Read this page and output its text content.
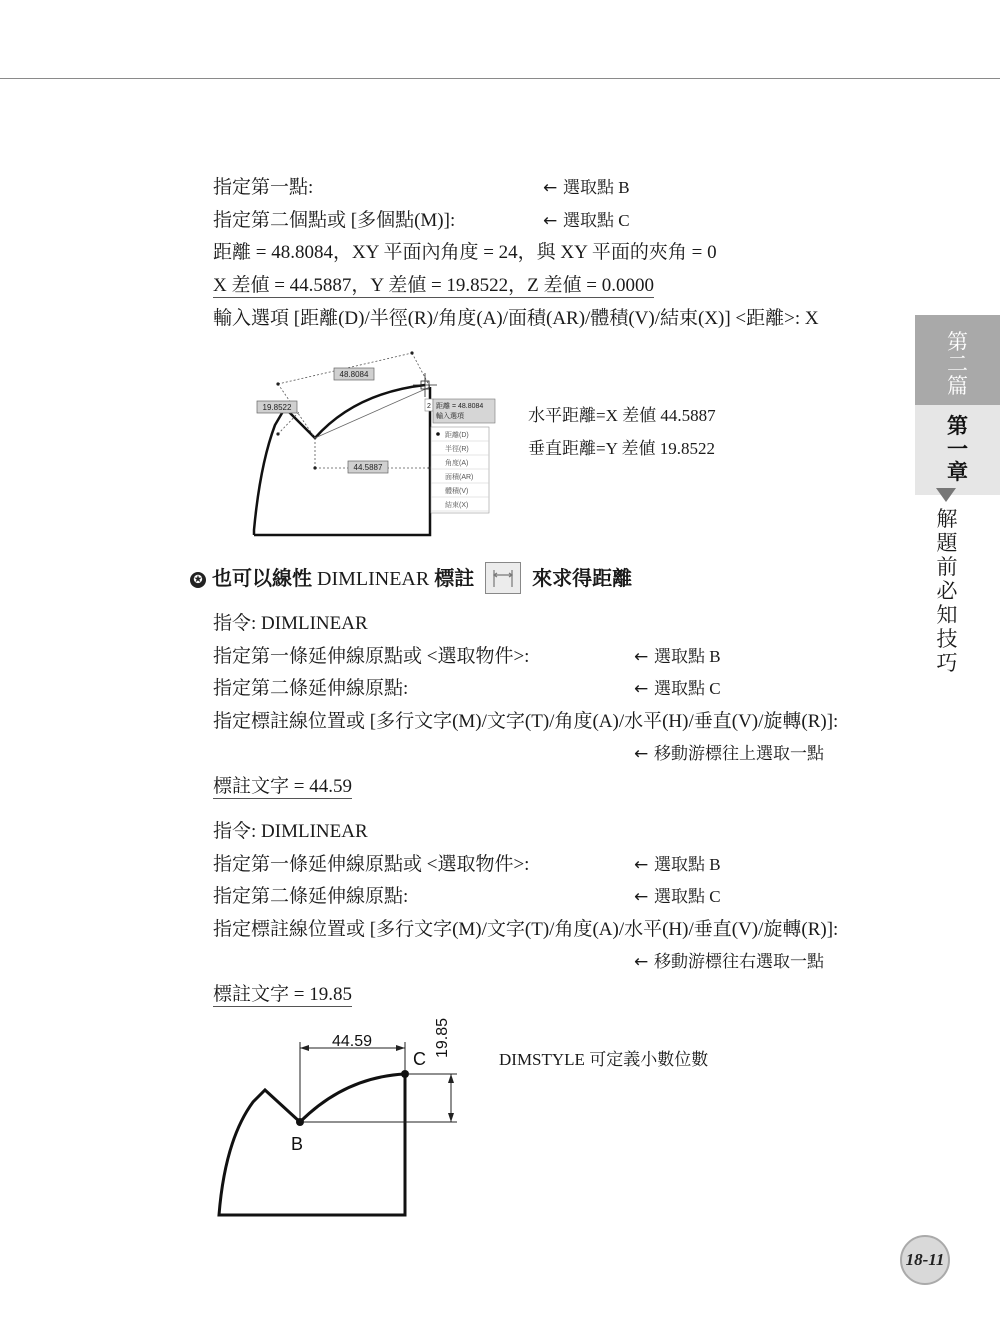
指定第一點:
指定第二個點或 [多個點(M)]:
距離 = 48.8084，XY 平面內角度 = 24，與 XY 平面的夾角 = 0
X 差値 = 44.5887，Y 差値 = 19.8522，Z 差値 = 0.0000
輸入選項 [距離(D)/半徑(R)/角度(A)/面積(AR)/體積(V)/結束(X)] <距離>: X
← 選取點 B
← 選取點 C
48.8084
19.8522
44.5887
2 距離 = 48.8084
輸入選項
距離(D)
半徑(R)
角度(A)
面積(AR)
體積(V)
結束(X)
水平距離=X 差値 44.5887
垂直距離=Y 差値 19.8522
✪ 也可以線性 DIMLINEAR 標註	來求得距離
指令: DIMLINEAR
指定第一條延伸線原點或 <選取物件>:
指定第二條延伸線原點:
指定標註線位置或 [多行文字(M)/文字(T)/角度(A)/水平(H)/垂直(V)/旋轉(R)]:
標註文字 = 44.59
← 選取點 B
← 選取點 C
← 移動游標往上選取一點
指令: DIMLINEAR
指定第一條延伸線原點或 <選取物件>:
指定第二條延伸線原點:
指定標註線位置或 [多行文字(M)/文字(T)/角度(A)/水平(H)/垂直(V)/旋轉(R)]:
標註文字 = 19.85
← 選取點 B
← 選取點 C
← 移動游標往右選取一點
44.59	19.85
B
C	DIMSTYLE 可定義小數位數
第
二
篇
第
一
章
解題前必知技巧
18-11
